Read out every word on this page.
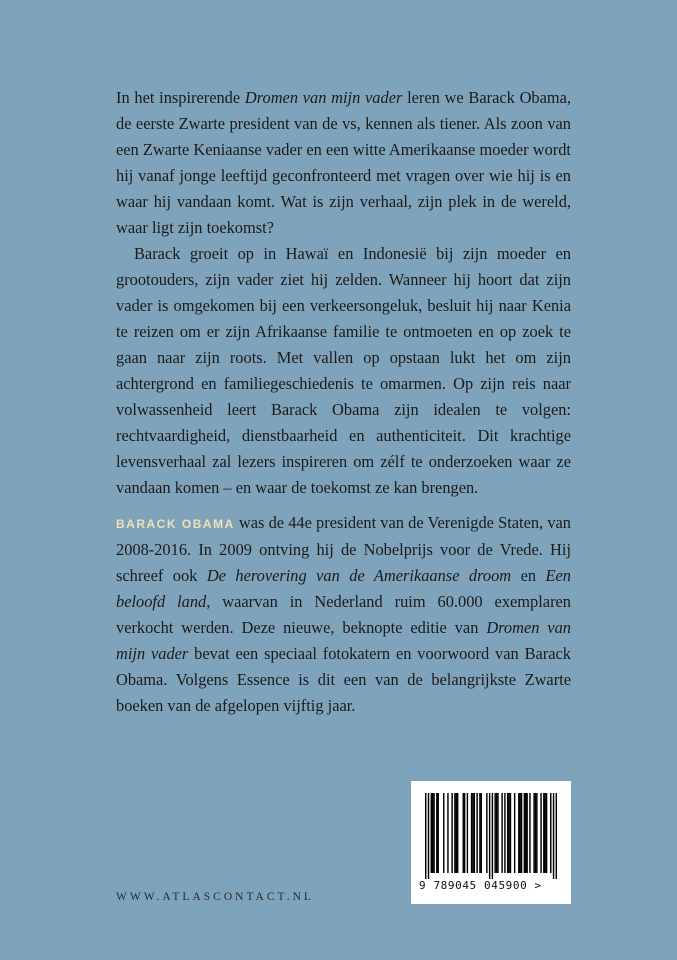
In het inspirerende Dromen van mijn vader leren we Barack Obama, de eerste Zwarte president van de vs, kennen als tiener. Als zoon van een Zwarte Keniaanse vader en een witte Amerikaanse moeder wordt hij vanaf jonge leeftijd geconfronteerd met vragen over wie hij is en waar hij vandaan komt. Wat is zijn verhaal, zijn plek in de wereld, waar ligt zijn toekomst?

Barack groeit op in Hawaï en Indonesië bij zijn moeder en grootouders, zijn vader ziet hij zelden. Wanneer hij hoort dat zijn vader is omgekomen bij een verkeersongeluk, besluit hij naar Kenia te reizen om er zijn Afrikaanse familie te ontmoeten en op zoek te gaan naar zijn roots. Met vallen op opstaan lukt het om zijn achtergrond en familiegeschiedenis te omarmen. Op zijn reis naar volwassenheid leert Barack Obama zijn idealen te volgen: rechtvaardigheid, dienstbaarheid en authenticiteit. Dit krachtige levensverhaal zal lezers inspireren om zélf te onderzoeken waar ze vandaan komen – en waar de toekomst ze kan brengen.

BARACK OBAMA was de 44e president van de Verenigde Staten, van 2008-2016. In 2009 ontving hij de Nobelprijs voor de Vrede. Hij schreef ook De herovering van de Amerikaanse droom en Een beloofd land, waarvan in Nederland ruim 60.000 exemplaren verkocht werden. Deze nieuwe, beknopte editie van Dromen van mijn vader bevat een speciaal fotokatern en voorwoord van Barack Obama. Volgens Essence is dit een van de belangrijkste Zwarte boeken van de afgelopen vijftig jaar.

WWW.ATLASCONTACT.NL
9 789045 045900 >
